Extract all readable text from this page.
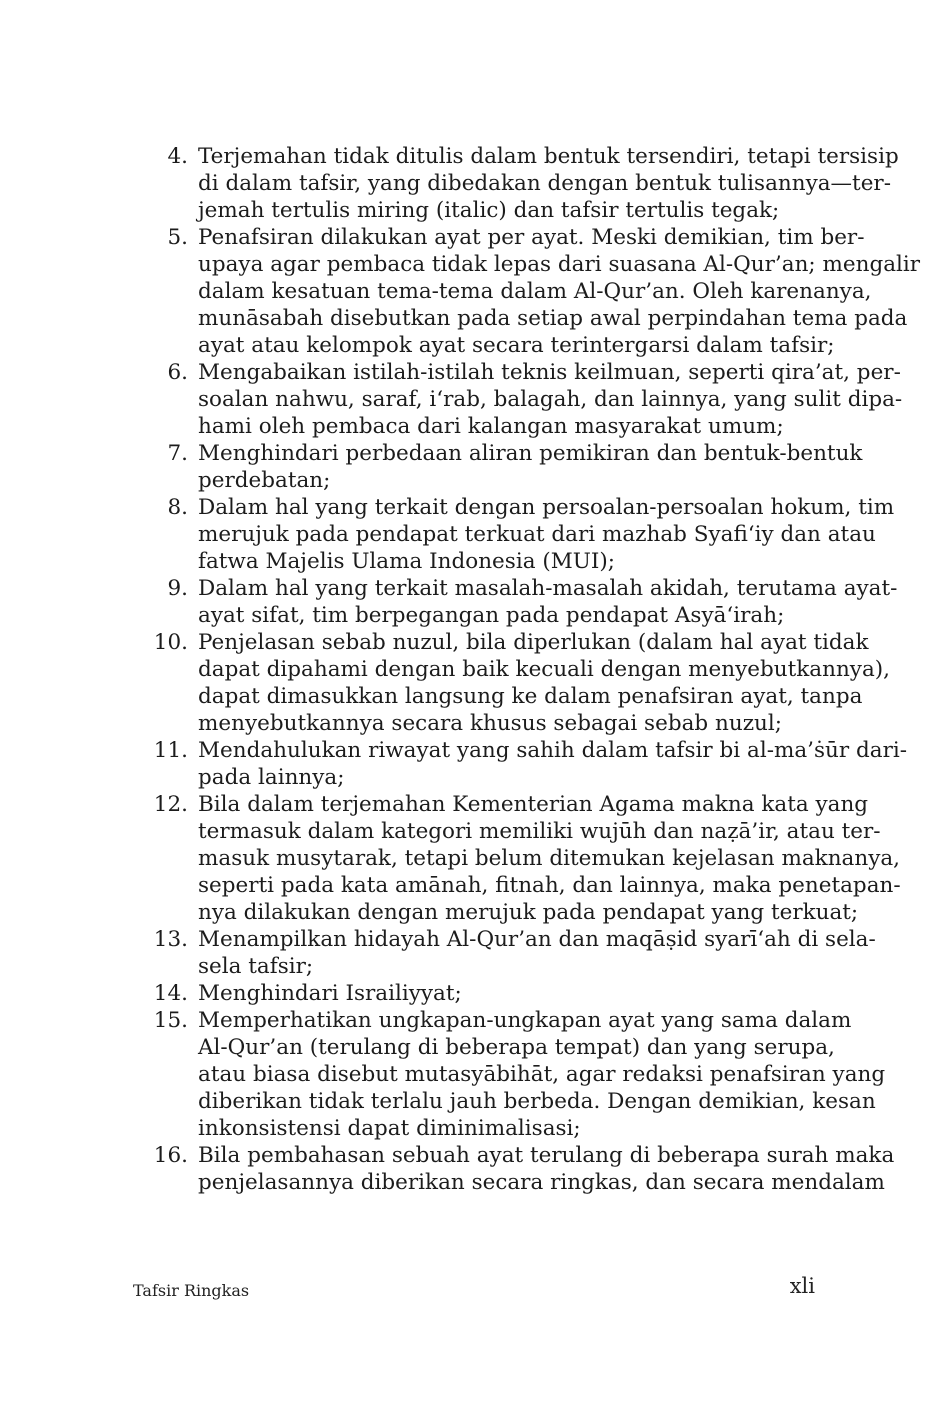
4. Terjemahan tidak ditulis dalam bentuk tersendiri, tetapi tersisip
di dalam tafsir, yang dibedakan dengan bentuk tulisannya—ter-
jemah tertulis miring (italic) dan tafsir tertulis tegak;
5. Penafsiran dilakukan ayat per ayat. Meski demikian, tim ber-
upaya agar pembaca tidak lepas dari suasana Al-Qur’an; mengalir
dalam kesatuan tema-tema dalam Al-Qur’an. Oleh karenanya,
munāsabah disebutkan pada setiap awal perpindahan tema pada
ayat atau kelompok ayat secara terintergarsi dalam tafsir;
6. Mengabaikan istilah-istilah teknis keilmuan, seperti qira’at, per-
soalan nahwu, saraf, i‘rab, balagah, dan lainnya, yang sulit dipa-
hami oleh pembaca dari kalangan masyarakat umum;
7. Menghindari perbedaan aliran pemikiran dan bentuk-bentuk
perdebatan;
8. Dalam hal yang terkait dengan persoalan-persoalan hokum, tim
merujuk pada pendapat terkuat dari mazhab Syafi‘iy dan atau
fatwa Majelis Ulama Indonesia (MUI);
9. Dalam hal yang terkait masalah-masalah akidah, terutama ayat-
ayat sifat, tim berpegangan pada pendapat Asyā‘irah;
10. Penjelasan sebab nuzul, bila diperlukan (dalam hal ayat tidak
dapat dipahami dengan baik kecuali dengan menyebutkannya),
dapat dimasukkan langsung ke dalam penafsiran ayat, tanpa
menyebutkannya secara khusus sebagai sebab nuzul;
11. Mendahulukan riwayat yang sahih dalam tafsir bi al-ma’ṡūr dari-
pada lainnya;
12. Bila dalam terjemahan Kementerian Agama makna kata yang
termasuk dalam kategori memiliki wujūh dan naẓā’ir, atau ter-
masuk musytarak, tetapi belum ditemukan kejelasan maknanya,
seperti pada kata amānah, fitnah, dan lainnya, maka penetapan-
nya dilakukan dengan merujuk pada pendapat yang terkuat;
13. Menampilkan hidayah Al-Qur’an dan maqāṣid syarī‘ah di sela-
sela tafsir;
14. Menghindari Israiliyyat;
15. Memperhatikan ungkapan-ungkapan ayat yang sama dalam
Al-Qur’an (terulang di beberapa tempat) dan yang serupa,
atau biasa disebut mutasyābihāt, agar redaksi penafsiran yang
diberikan tidak terlalu jauh berbeda. Dengan demikian, kesan
inkonsistensi dapat diminimalisasi;
16. Bila pembahasan sebuah ayat terulang di beberapa surah maka
penjelasannya diberikan secara ringkas, dan secara mendalam
Tafsir Ringkas	xli
